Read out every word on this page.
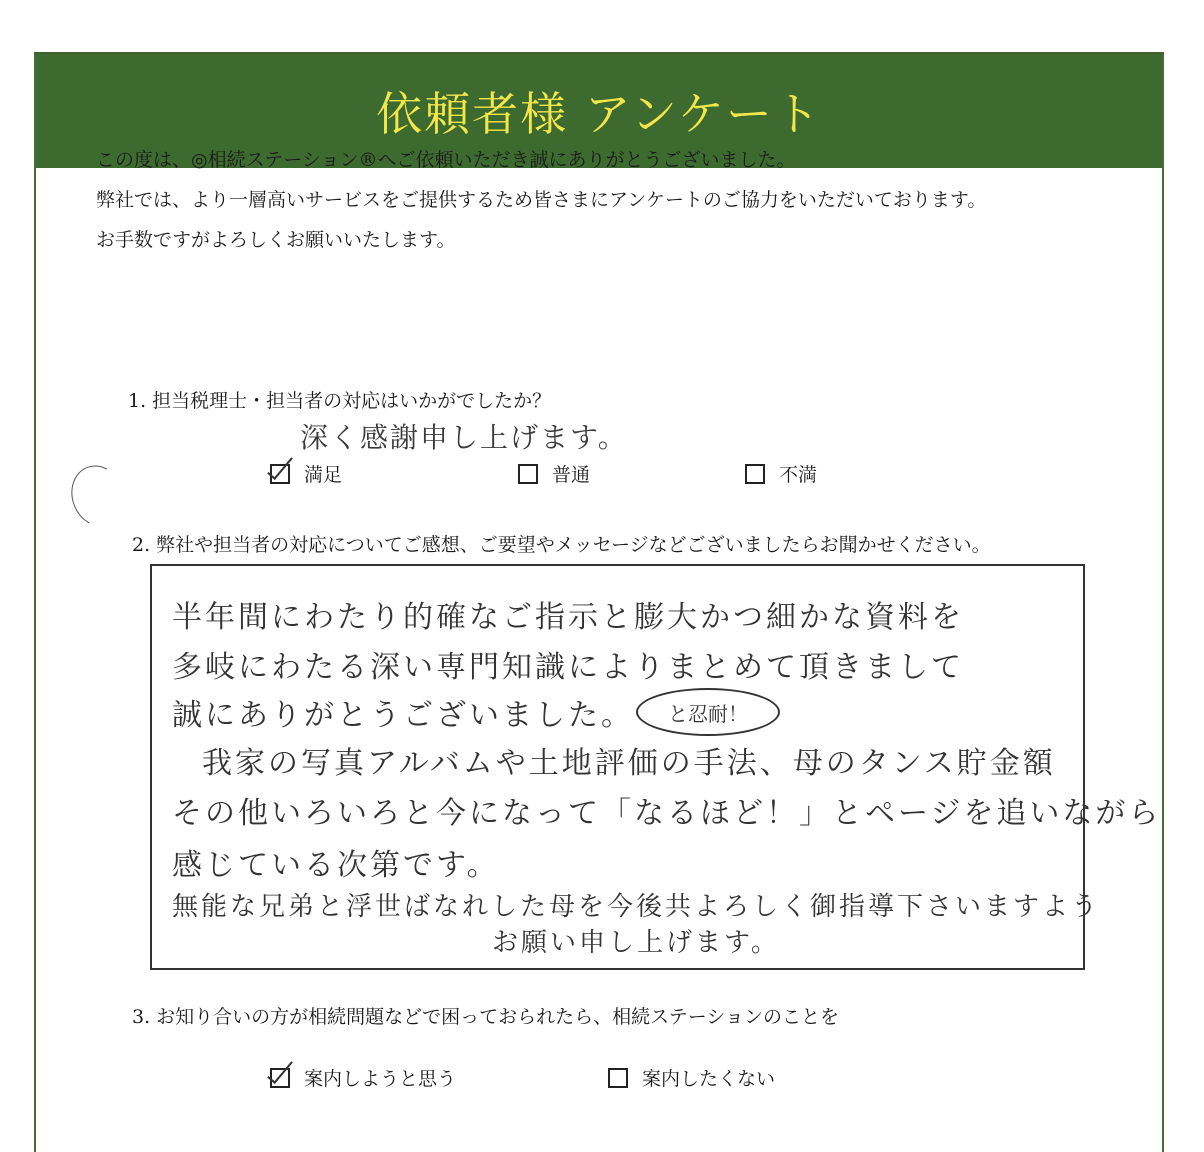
依頼者様 アンケート

この度は、◎相続ステーション®へご依頼いただき誠にありがとうございました。

弊社では、より一層高いサービスをご提供するため皆さまにアンケートのご協力をいただいております。

お手数ですがよろしくお願いいたします。

1. 担当税理士・担当者の対応はいかがでしたか？
深く感謝申し上げます。
満足	普通	不満
2. 弊社や担当者の対応についてご感想、ご要望やメッセージなどございましたらお聞かせください。
半年間にわたり的確なご指示と膨大かつ細かな資料を
多岐にわたる深い専門知識によりまとめて頂きまして
誠にありがとうございました。	と忍耐！
我家の写真アルバムや土地評価の手法、母のタンス貯金額
その他いろいろと今になって「なるほど！」とページを追いながら
感じている次第です。
無能な兄弟と浮世ばなれした母を今後共よろしく御指導下さいますよう
お願い申し上げます。
3. お知り合いの方が相続問題などで困っておられたら、相続ステーションのことを
案内しようと思う	案内したくない
